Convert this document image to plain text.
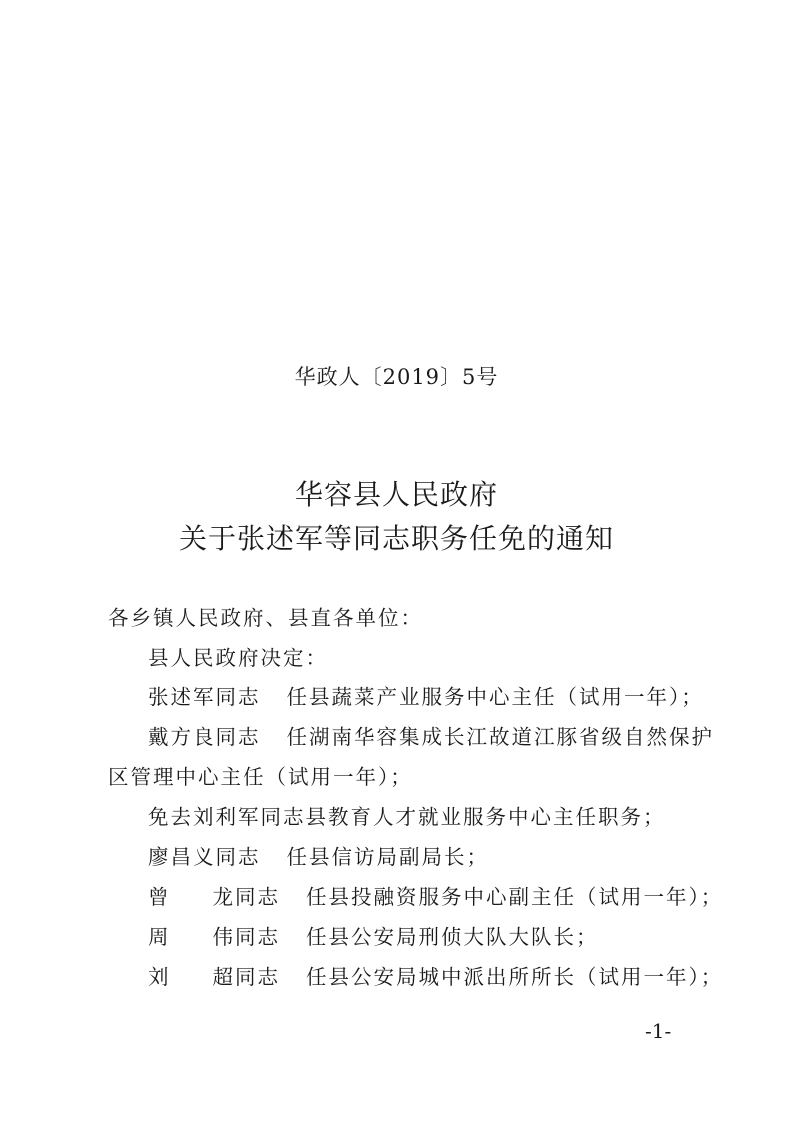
华政人〔2019〕5号
华容县人民政府
关于张述军等同志职务任免的通知
各乡镇人民政府、县直各单位：
县人民政府决定：
张述军同志 任县蔬菜产业服务中心主任（试用一年）；
戴方良同志 任湖南华容集成长江故道江豚省级自然保护
区管理中心主任（试用一年）；
免去刘利军同志县教育人才就业服务中心主任职务；
廖昌义同志 任县信访局副局长；
曾 龙同志 任县投融资服务中心副主任（试用一年）；
周 伟同志 任县公安局刑侦大队大队长；
刘 超同志 任县公安局城中派出所所长（试用一年）；
-1-
